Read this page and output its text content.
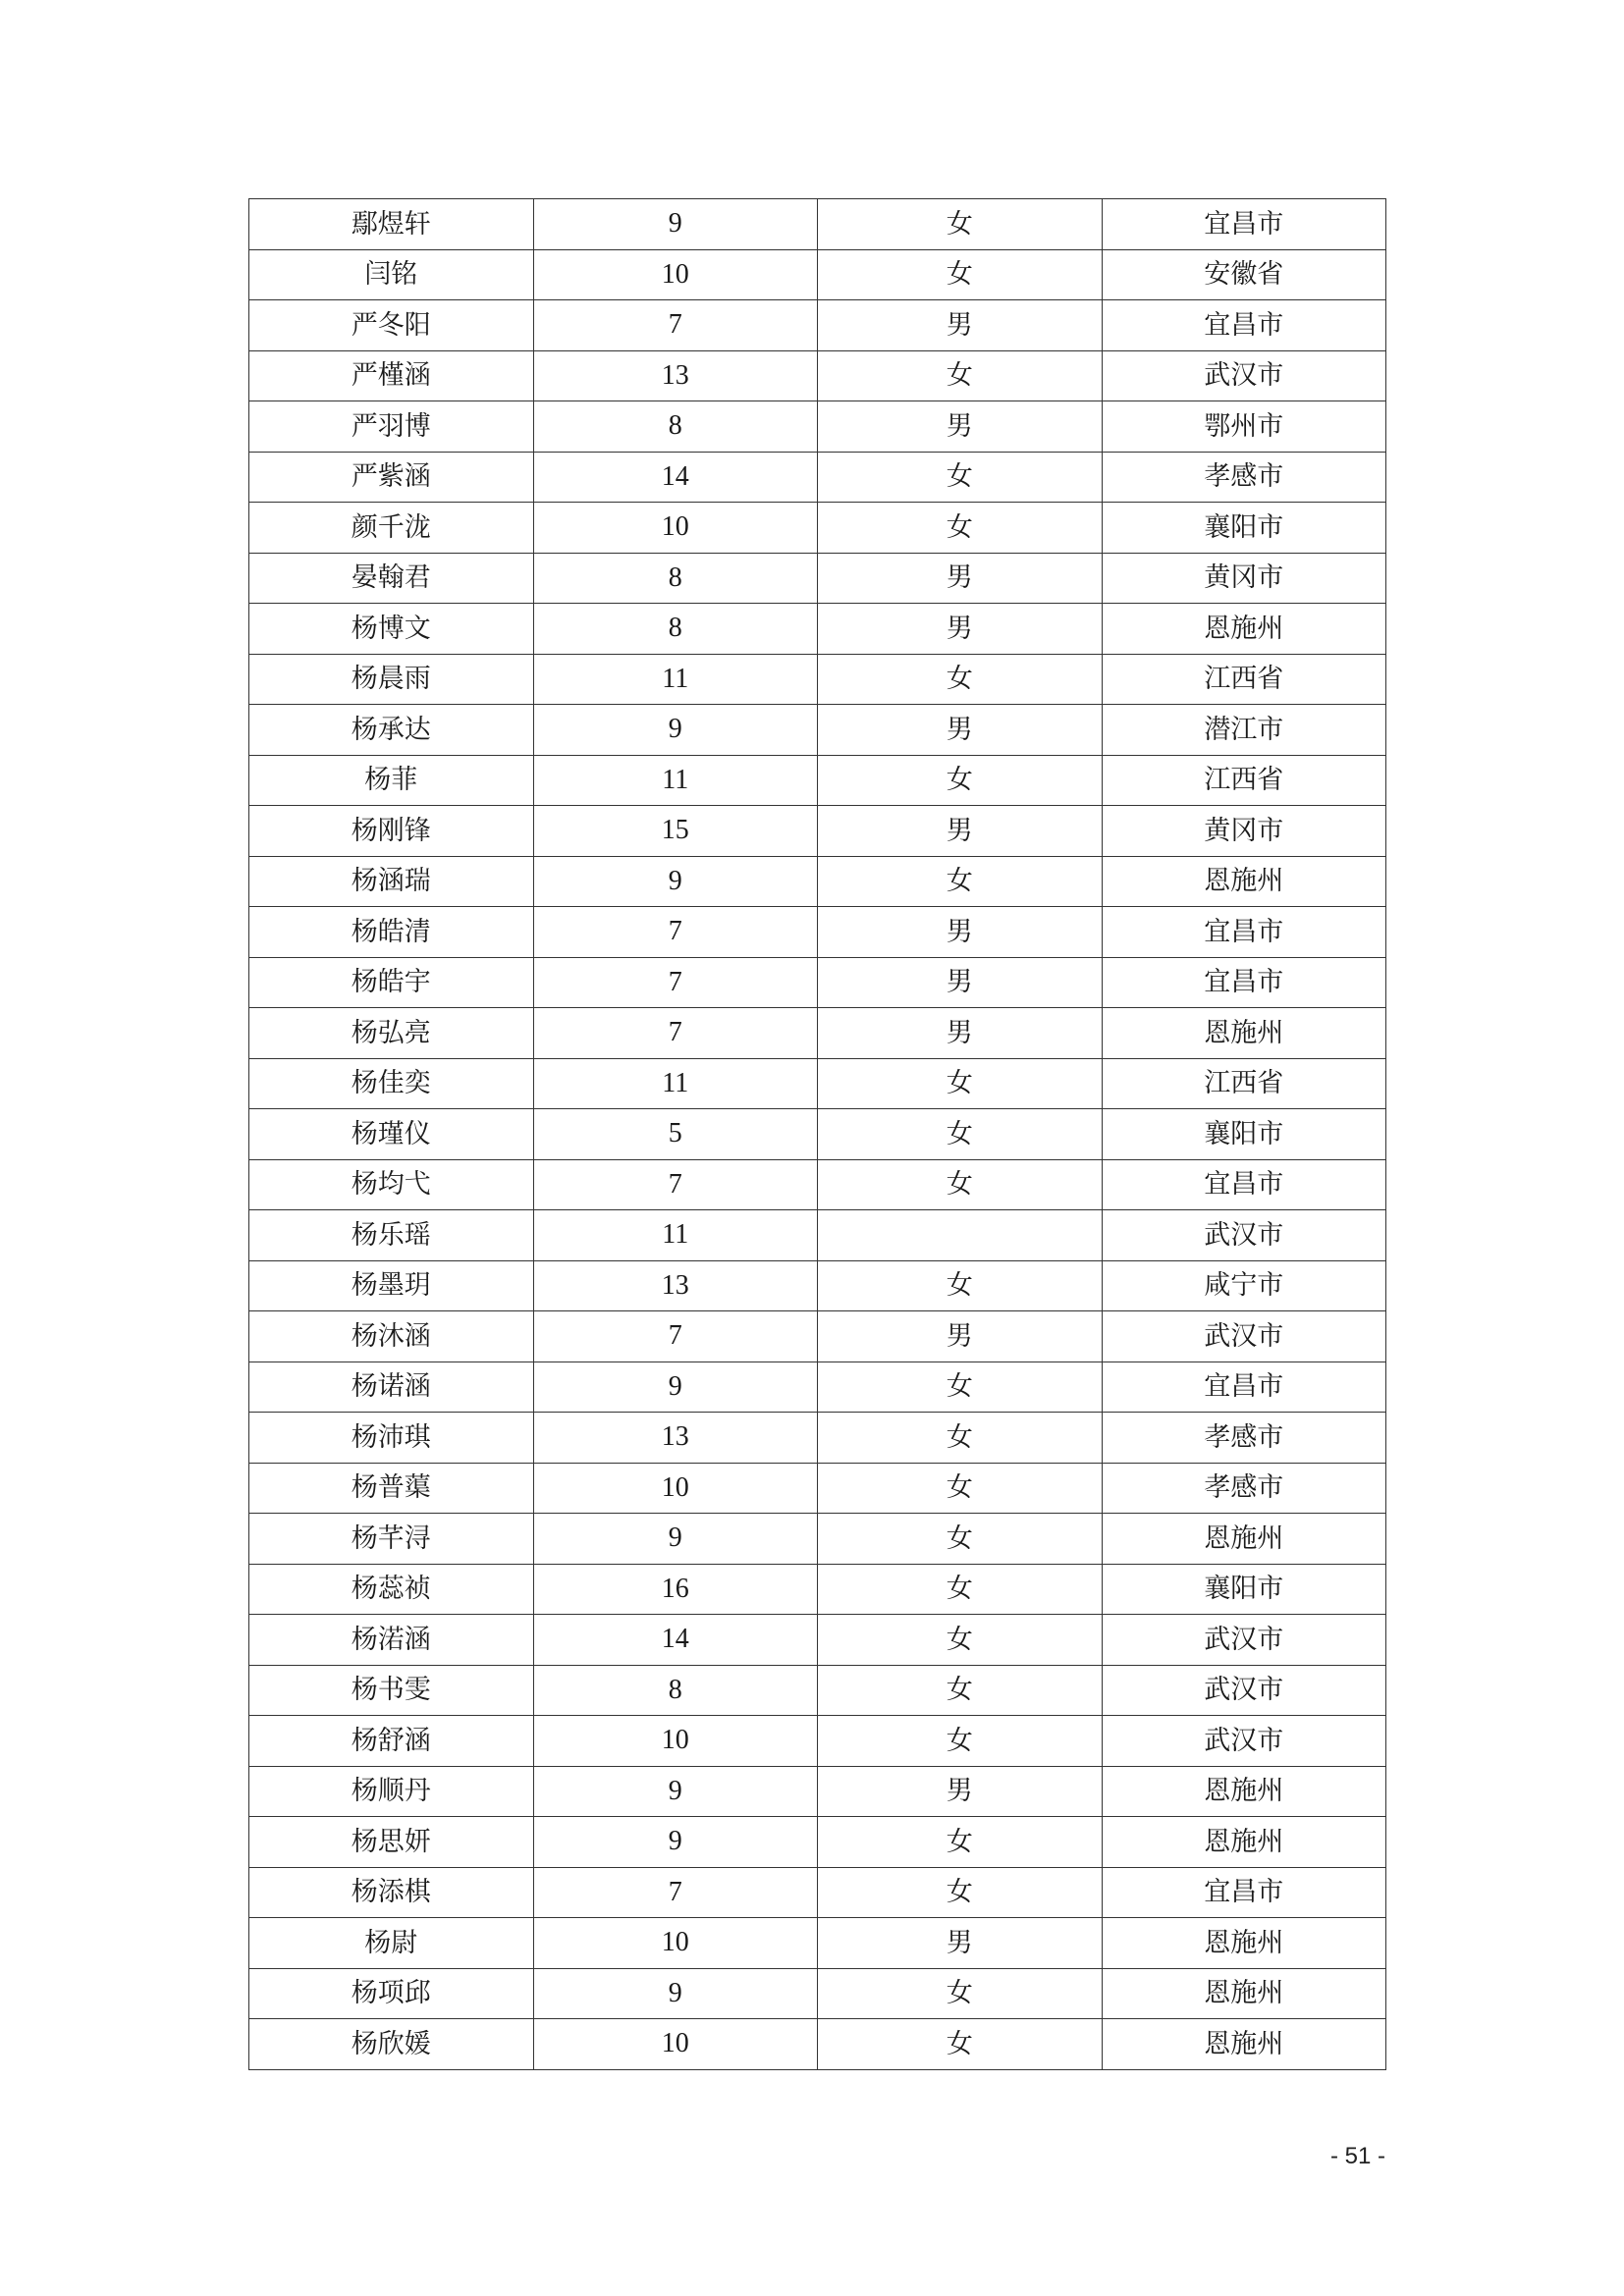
鄢煜轩	9	女	宜昌市
闫铭	10	女	安徽省
严冬阳	7	男	宜昌市
严槿涵	13	女	武汉市
严羽博	8	男	鄂州市
严紫涵	14	女	孝感市
颜千泷	10	女	襄阳市
晏翰君	8	男	黄冈市
杨博文	8	男	恩施州
杨晨雨	11	女	江西省
杨承达	9	男	潜江市
杨菲	11	女	江西省
杨刚锋	15	男	黄冈市
杨涵瑞	9	女	恩施州
杨皓清	7	男	宜昌市
杨皓宇	7	男	宜昌市
杨弘亮	7	男	恩施州
杨佳奕	11	女	江西省
杨瑾仪	5	女	襄阳市
杨均弋	7	女	宜昌市
杨乐瑶	11		武汉市
杨墨玥	13	女	咸宁市
杨沐涵	7	男	武汉市
杨诺涵	9	女	宜昌市
杨沛琪	13	女	孝感市
杨普蕖	10	女	孝感市
杨芊浔	9	女	恩施州
杨蕊祯	16	女	襄阳市
杨渃涵	14	女	武汉市
杨书雯	8	女	武汉市
杨舒涵	10	女	武汉市
杨顺丹	9	男	恩施州
杨思妍	9	女	恩施州
杨添棋	7	女	宜昌市
杨尉	10	男	恩施州
杨项邱	9	女	恩施州
杨欣媛	10	女	恩施州
- 51 -
